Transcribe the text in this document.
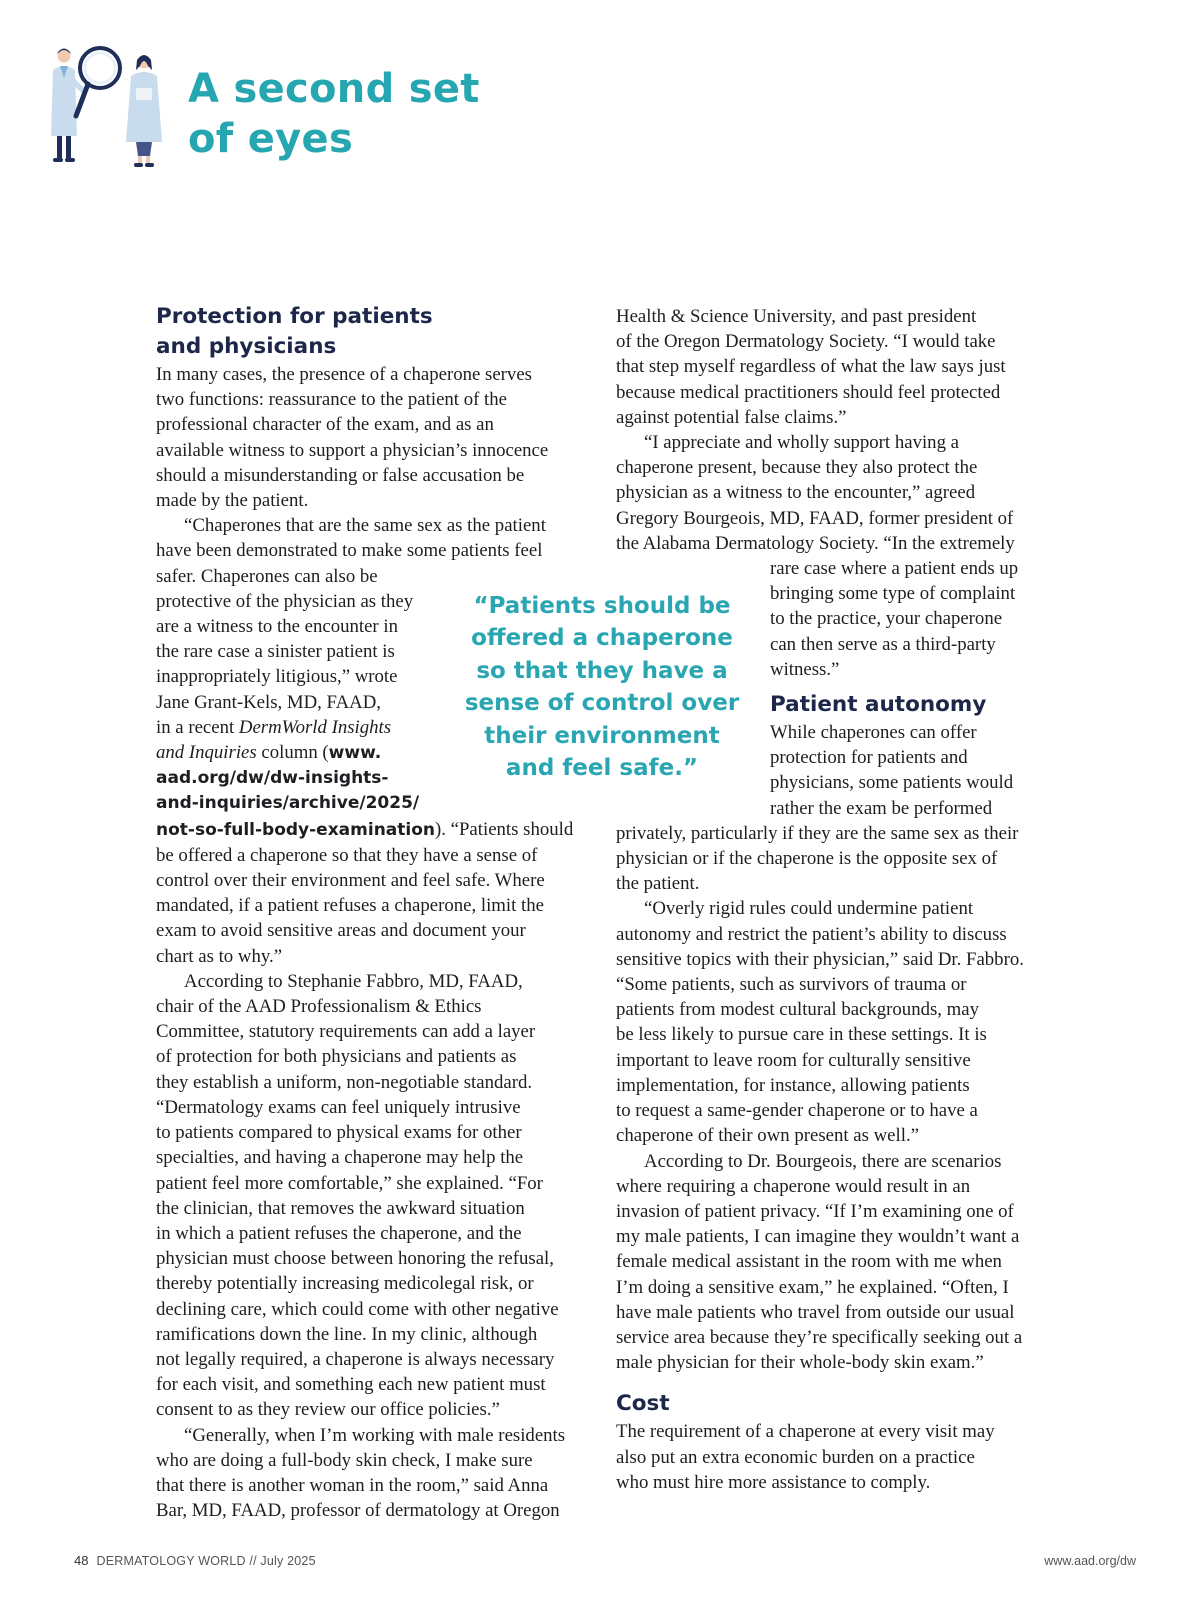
A second set
of eyes
“Patients should be
offered a chaperone
so that they have a
sense of control over
their environment
and feel safe.”
Protection for patients
and physicians

In many cases, the presence of a chaperone serves
two functions: reassurance to the patient of the
professional character of the exam, and as an
available witness to support a physician’s innocence
should a misunderstanding or false accusation be
made by the patient.

“Chaperones that are the same sex as the patient
have been demonstrated to make some patients feel
safer. Chaperones can also be
protective of the physician as they
are a witness to the encounter in
the rare case a sinister patient is
inappropriately litigious,” wrote
Jane Grant-Kels, MD, FAAD,
in a recent DermWorld Insights
and Inquiries column (www.
aad.org/dw/dw-insights-
and-inquiries/archive/2025/
not-so-full-body-examination). “Patients should
be offered a chaperone so that they have a sense of
control over their environment and feel safe. Where
mandated, if a patient refuses a chaperone, limit the
exam to avoid sensitive areas and document your
chart as to why.”

According to Stephanie Fabbro, MD, FAAD,
chair of the AAD Professionalism & Ethics
Committee, statutory requirements can add a layer
of protection for both physicians and patients as
they establish a uniform, non-negotiable standard.
“Dermatology exams can feel uniquely intrusive
to patients compared to physical exams for other
specialties, and having a chaperone may help the
patient feel more comfortable,” she explained. “For
the clinician, that removes the awkward situation
in which a patient refuses the chaperone, and the
physician must choose between honoring the refusal,
thereby potentially increasing medicolegal risk, or
declining care, which could come with other negative
ramifications down the line. In my clinic, although
not legally required, a chaperone is always necessary
for each visit, and something each new patient must
consent to as they review our office policies.”

“Generally, when I’m working with male residents
who are doing a full-body skin check, I make sure
that there is another woman in the room,” said Anna
Bar, MD, FAAD, professor of dermatology at Oregon

Health & Science University, and past president
of the Oregon Dermatology Society. “I would take
that step myself regardless of what the law says just
because medical practitioners should feel protected
against potential false claims.”

“I appreciate and wholly support having a
chaperone present, because they also protect the
physician as a witness to the encounter,” agreed
Gregory Bourgeois, MD, FAAD, former president of
the Alabama Dermatology Society. “In the extremely

rare case where a patient ends up
bringing some type of complaint
to the practice, your chaperone
can then serve as a third-party
witness.”
Patient autonomy
While chaperones can offer
protection for patients and
physicians, some patients would
rather the exam be performed

privately, particularly if they are the same sex as their
physician or if the chaperone is the opposite sex of
the patient.

“Overly rigid rules could undermine patient
autonomy and restrict the patient’s ability to discuss
sensitive topics with their physician,” said Dr. Fabbro.
“Some patients, such as survivors of trauma or
patients from modest cultural backgrounds, may
be less likely to pursue care in these settings. It is
important to leave room for culturally sensitive
implementation, for instance, allowing patients
to request a same-gender chaperone or to have a
chaperone of their own present as well.”

According to Dr. Bourgeois, there are scenarios
where requiring a chaperone would result in an
invasion of patient privacy. “If I’m examining one of
my male patients, I can imagine they wouldn’t want a
female medical assistant in the room with me when
I’m doing a sensitive exam,” he explained. “Often, I
have male patients who travel from outside our usual
service area because they’re specifically seeking out a
male physician for their whole-body skin exam.”

Cost

The requirement of a chaperone at every visit may
also put an extra economic burden on a practice
who must hire more assistance to comply.

48 DERMATOLOGY WORLD // July 2025	www.aad.org/dw
